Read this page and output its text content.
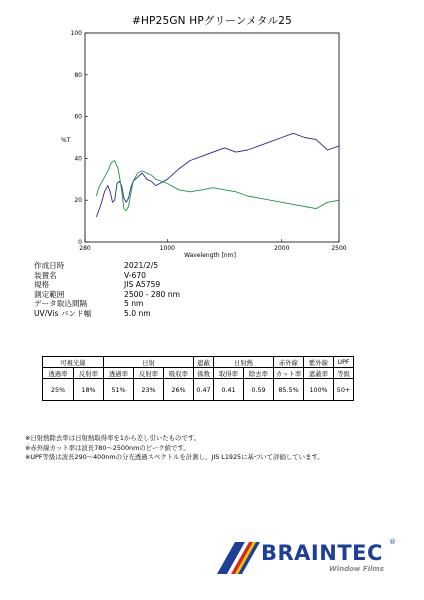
#HP25GN HPグリーンメタル25
0
20
40
60
80
100
280	1000	2000	2500
%T
Wavelength [nm]
作成日時	2021/2/5
装置名	V-670
規格	JIS A5759
測定範囲	2500 - 280 nm
データ取込間隔	5 nm
UV/Vis バンド幅	5.0 nm
可視光線		日射			遮蔽	日射熱		赤外線	紫外線	UPF
透過率	反射率	透過率	反射率	吸収率	係数	取得率	除去率	カット率	遮蔽率	等級
25%	18%	51%	23%	26%	0.47	0.41	0.59	85.5%	100%	50+
※日射熱除去率は日射熱取得率を1から差し引いたものです。
※赤外線カット率は波長780～2500nmのピーク値です。
※UPF等級は波長290～400nmの分光透過スペクトルを計測し、JIS L1925に基づいて評価しています。
BRAINTEC ®
Window Films
